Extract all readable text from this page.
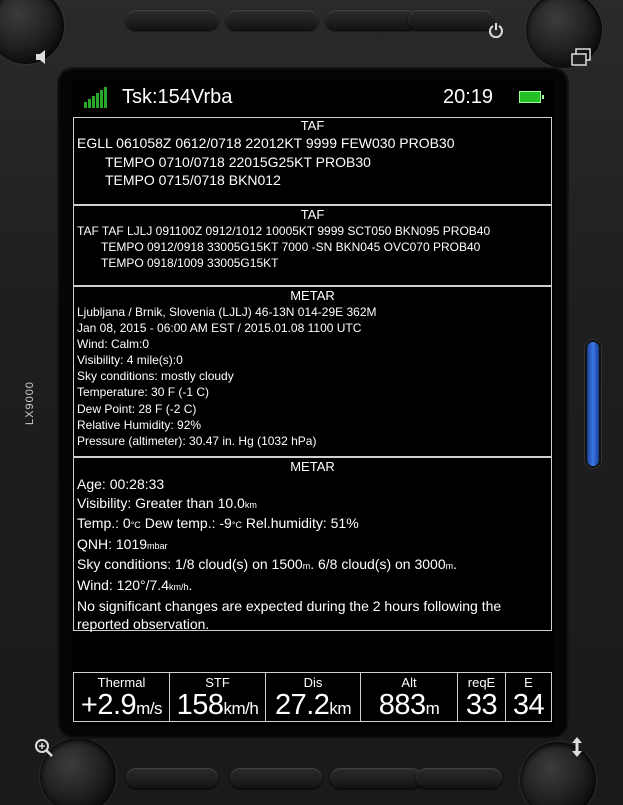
LX9000
Tsk:154Vrba	20:19
TAF
EGLL 061058Z 0612/0718 22012KT 9999 FEW030 PROB30
TEMPO 0710/0718 22015G25KT PROB30
TEMPO 0715/0718 BKN012
TAF
TAF TAF LJLJ 091100Z 0912/1012 10005KT 9999 SCT050 BKN095 PROB40
TEMPO 0912/0918 33005G15KT 7000 -SN BKN045 OVC070 PROB40
TEMPO 0918/1009 33005G15KT
METAR
Ljubljana / Brnik, Slovenia (LJLJ) 46-13N 014-29E 362M
Jan 08, 2015 - 06:00 AM EST / 2015.01.08 1100 UTC
Wind: Calm:0
Visibility: 4 mile(s):0
Sky conditions: mostly cloudy
Temperature: 30 F (-1 C)
Dew Point: 28 F (-2 C)
Relative Humidity: 92%
Pressure (altimeter): 30.47 in. Hg (1032 hPa)
METAR
Age: 00:28:33
Visibility: Greater than 10.0km
Temp.: 0°C Dew temp.: -9°C Rel.humidity: 51%
QNH: 1019mbar
Sky conditions: 1/8 cloud(s) on 1500m. 6/8 cloud(s) on 3000m.
Wind: 120°/7.4km/h.
No significant changes are expected during the 2 hours following the
reported observation.
Thermal
+2.9m/s
STF
158km/h
Dis
27.2km
Alt
883m
reqE
33
E
34
